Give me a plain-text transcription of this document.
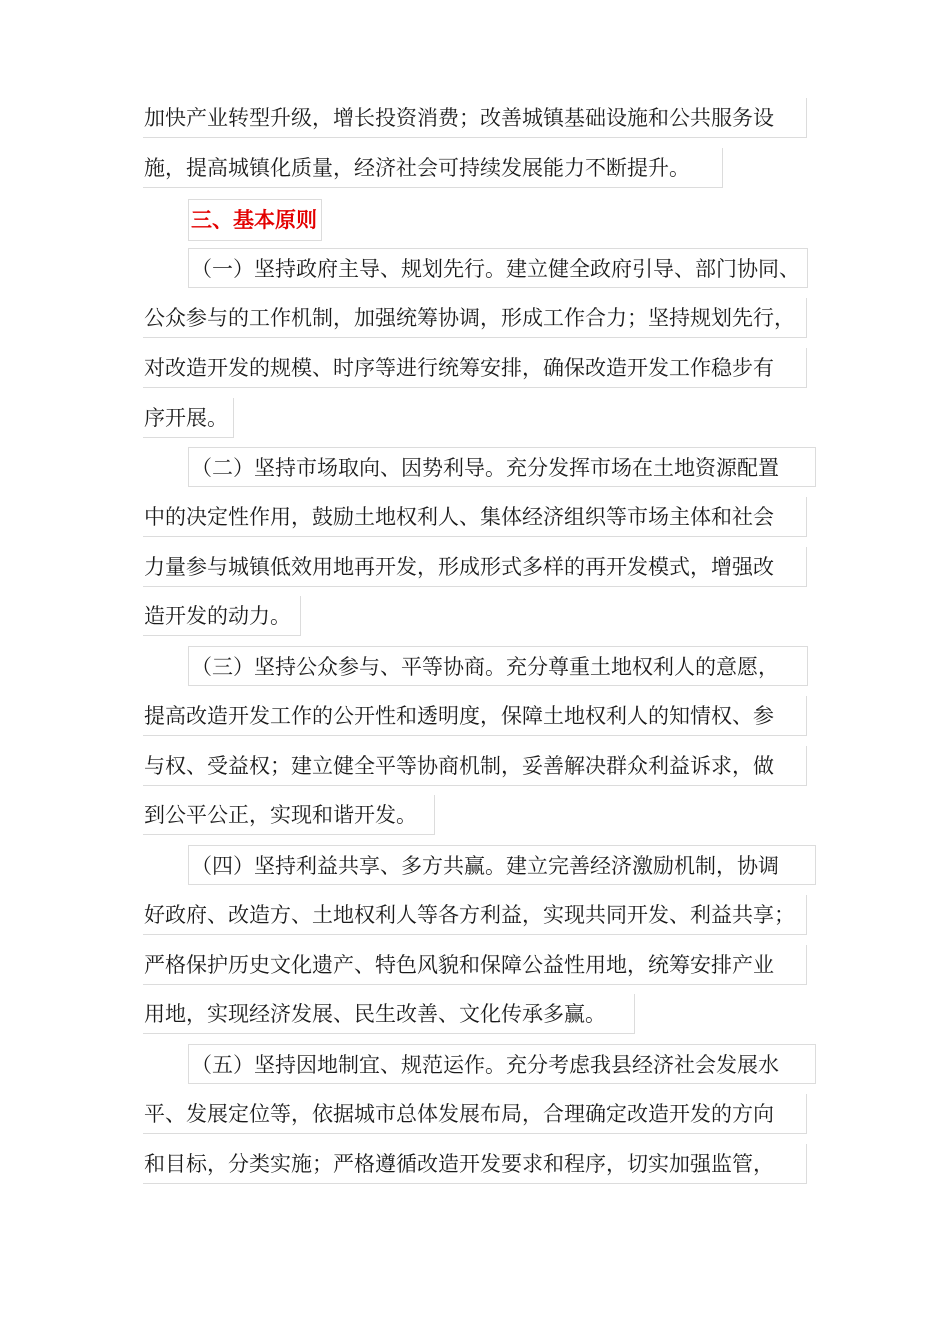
加快产业转型升级，增长投资消费；改善城镇基础设施和公共服务设
施，提高城镇化质量，经济社会可持续发展能力不断提升。
三、基本原则
（一）坚持政府主导、规划先行。建立健全政府引导、部门协同、
公众参与的工作机制，加强统筹协调，形成工作合力；坚持规划先行，
对改造开发的规模、时序等进行统筹安排，确保改造开发工作稳步有
序开展。
（二）坚持市场取向、因势利导。充分发挥市场在土地资源配置
中的决定性作用，鼓励土地权利人、集体经济组织等市场主体和社会
力量参与城镇低效用地再开发，形成形式多样的再开发模式，增强改
造开发的动力。
（三）坚持公众参与、平等协商。充分尊重土地权利人的意愿，
提高改造开发工作的公开性和透明度，保障土地权利人的知情权、参
与权、受益权；建立健全平等协商机制，妥善解决群众利益诉求，做
到公平公正，实现和谐开发。
（四）坚持利益共享、多方共赢。建立完善经济激励机制，协调
好政府、改造方、土地权利人等各方利益，实现共同开发、利益共享；
严格保护历史文化遗产、特色风貌和保障公益性用地，统筹安排产业
用地，实现经济发展、民生改善、文化传承多赢。
（五）坚持因地制宜、规范运作。充分考虑我县经济社会发展水
平、发展定位等，依据城市总体发展布局，合理确定改造开发的方向
和目标，分类实施；严格遵循改造开发要求和程序，切实加强监管，
